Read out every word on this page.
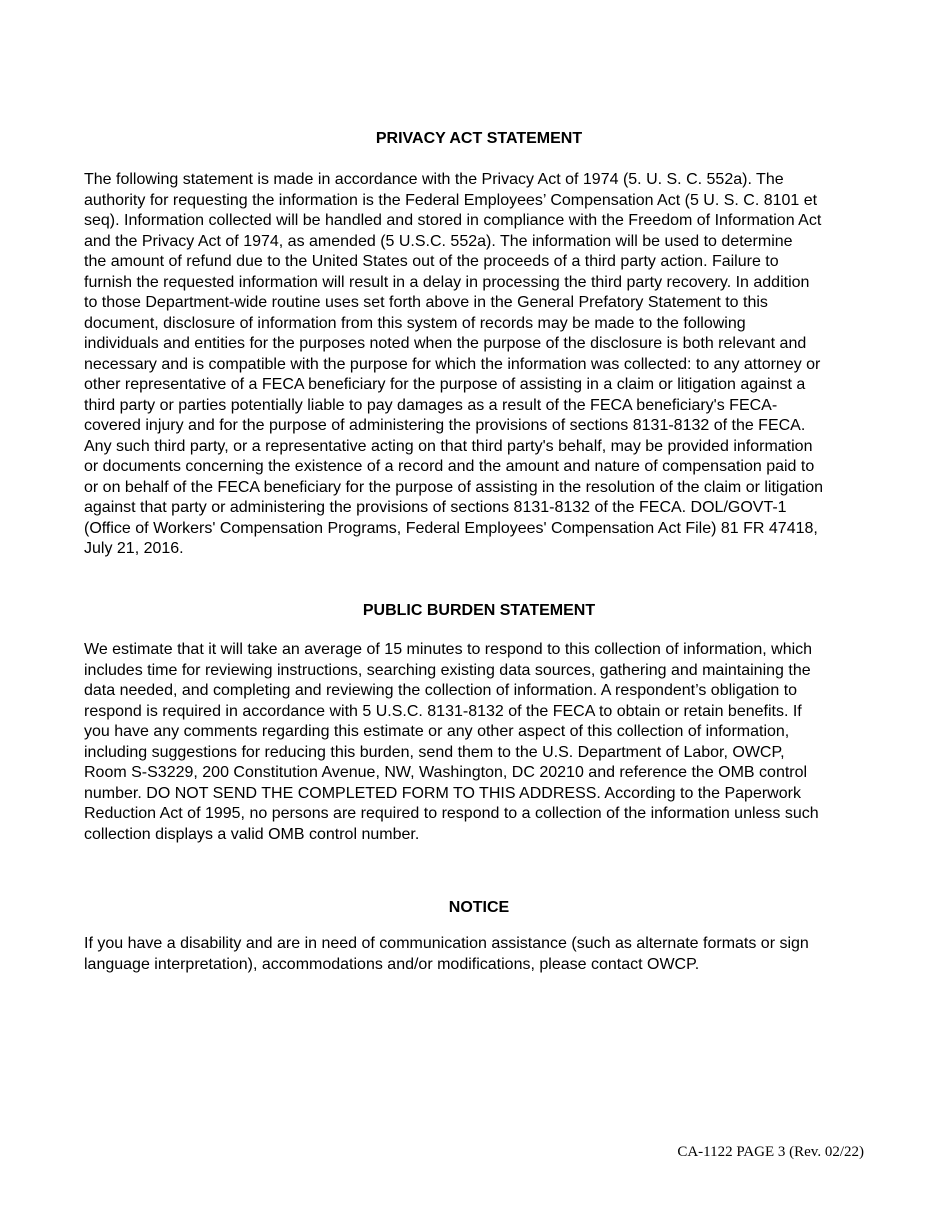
PRIVACY ACT STATEMENT

The following statement is made in accordance with the Privacy Act of 1974 (5. U. S. C. 552a). The
authority for requesting the information is the Federal Employees’ Compensation Act (5 U. S. C. 8101 et
seq). Information collected will be handled and stored in compliance with the Freedom of Information Act
and the Privacy Act of 1974, as amended (5 U.S.C. 552a). The information will be used to determine
the amount of refund due to the United States out of the proceeds of a third party action. Failure to
furnish the requested information will result in a delay in processing the third party recovery. In addition
to those Department-wide routine uses set forth above in the General Prefatory Statement to this
document, disclosure of information from this system of records may be made to the following
individuals and entities for the purposes noted when the purpose of the disclosure is both relevant and
necessary and is compatible with the purpose for which the information was collected: to any attorney or
other representative of a FECA beneficiary for the purpose of assisting in a claim or litigation against a
third party or parties potentially liable to pay damages as a result of the FECA beneficiary's FECA-
covered injury and for the purpose of administering the provisions of sections 8131-8132 of the FECA.
Any such third party, or a representative acting on that third party's behalf, may be provided information
or documents concerning the existence of a record and the amount and nature of compensation paid to
or on behalf of the FECA beneficiary for the purpose of assisting in the resolution of the claim or litigation
against that party or administering the provisions of sections 8131-8132 of the FECA. DOL/GOVT-1
(Office of Workers' Compensation Programs, Federal Employees' Compensation Act File) 81 FR 47418,
July 21, 2016.

PUBLIC BURDEN STATEMENT

We estimate that it will take an average of 15 minutes to respond to this collection of information, which
includes time for reviewing instructions, searching existing data sources, gathering and maintaining the
data needed, and completing and reviewing the collection of information. A respondent’s obligation to
respond is required in accordance with 5 U.S.C. 8131-8132 of the FECA to obtain or retain benefits. If
you have any comments regarding this estimate or any other aspect of this collection of information,
including suggestions for reducing this burden, send them to the U.S. Department of Labor, OWCP,
Room S-S3229, 200 Constitution Avenue, NW, Washington, DC 20210 and reference the OMB control
number. DO NOT SEND THE COMPLETED FORM TO THIS ADDRESS. According to the Paperwork
Reduction Act of 1995, no persons are required to respond to a collection of the information unless such
collection displays a valid OMB control number.

NOTICE

If you have a disability and are in need of communication assistance (such as alternate formats or sign
language interpretation), accommodations and/or modifications, please contact OWCP.

CA-1122 PAGE 3 (Rev. 02/22)
